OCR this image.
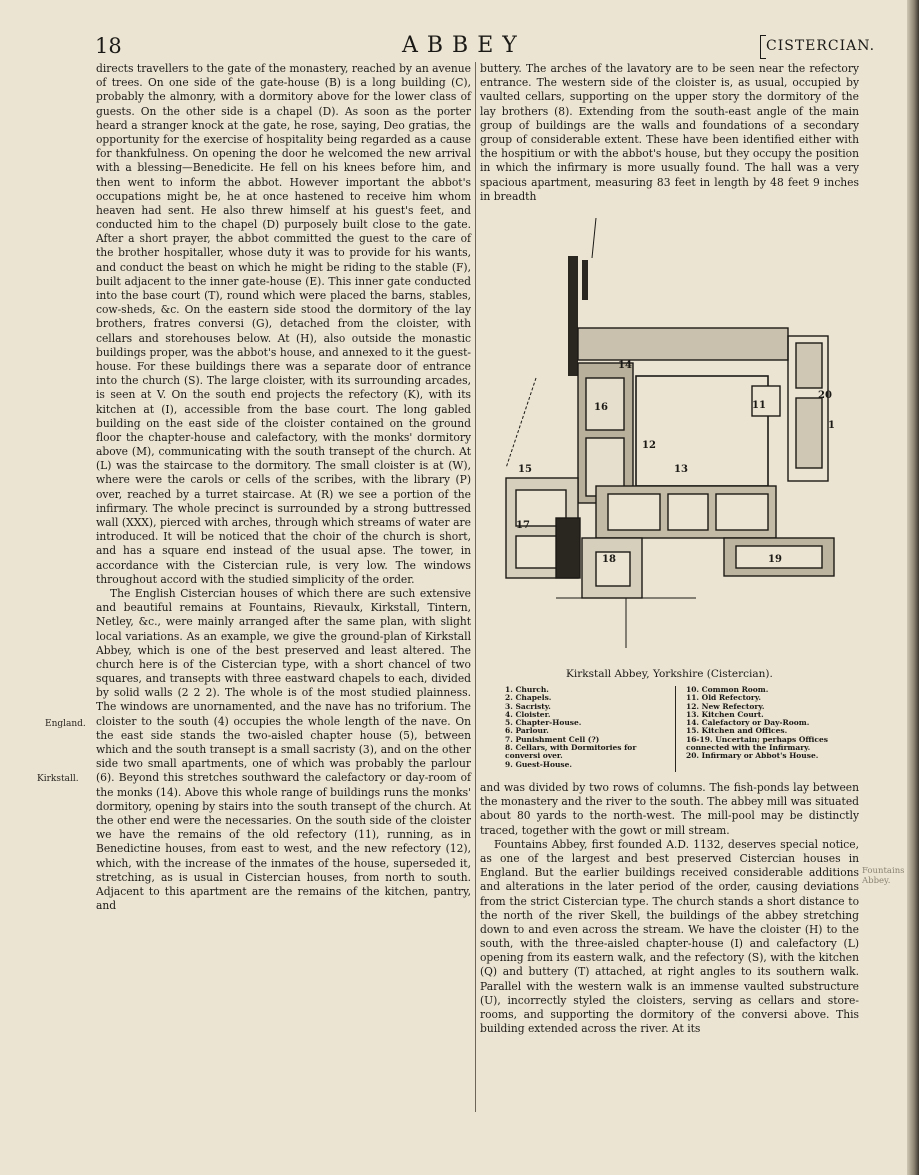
18	ABBEY	CISTERCIAN.

directs travellers to the gate of the monastery, reached by an avenue of trees. On one side of the gate-house (B) is a long building (C), probably the almonry, with a dormitory above for the lower class of guests. On the other side is a chapel (D). As soon as the porter heard a stranger knock at the gate, he rose, saying, Deo gratias, the opportunity for the exercise of hospitality being regarded as a cause for thankfulness. On opening the door he welcomed the new arrival with a blessing—Benedicite. He fell on his knees before him, and then went to inform the abbot. However important the abbot's occupations might be, he at once hastened to receive him whom heaven had sent. He also threw himself at his guest's feet, and conducted him to the chapel (D) purposely built close to the gate. After a short prayer, the abbot committed the guest to the care of the brother hospitaller, whose duty it was to provide for his wants, and conduct the beast on which he might be riding to the stable (F), built adjacent to the inner gate-house (E). This inner gate conducted into the base court (T), round which were placed the barns, stables, cow-sheds, &c. On the eastern side stood the dormitory of the lay brothers, fratres conversi (G), detached from the cloister, with cellars and storehouses below. At (H), also outside the monastic buildings proper, was the abbot's house, and annexed to it the guest-house. For these buildings there was a separate door of entrance into the church (S). The large cloister, with its surrounding arcades, is seen at V. On the south end projects the refectory (K), with its kitchen at (I), accessible from the base court. The long gabled building on the east side of the cloister contained on the ground floor the chapter-house and calefactory, with the monks' dormitory above (M), communicating with the south transept of the church. At (L) was the staircase to the dormitory. The small cloister is at (W), where were the carols or cells of the scribes, with the library (P) over, reached by a turret staircase. At (R) we see a portion of the infirmary. The whole precinct is surrounded by a strong buttressed wall (XXX), pierced with arches, through which streams of water are introduced. It will be noticed that the choir of the church is short, and has a square end instead of the usual apse. The tower, in accordance with the Cistercian rule, is very low. The windows throughout accord with the studied simplicity of the order.

The English Cistercian houses of which there are such extensive and beautiful remains at Fountains, Rievaulx, Kirkstall, Tintern, Netley, &c., were mainly arranged after the same plan, with slight local variations. As an example, we give the ground-plan of Kirkstall Abbey, which is one of the best preserved and least altered. The church here is of the Cistercian type, with a short chancel of two squares, and transepts with three eastward chapels to each, divided by solid walls (2 2 2). The whole is of the most studied plainness. The windows are unornamented, and the nave has no triforium. The cloister to the south (4) occupies the whole length of the nave. On the east side stands the two-aisled chapter house (5), between which and the south transept is a small sacristy (3), and on the other side two small apartments, one of which was probably the parlour (6). Beyond this stretches southward the calefactory or day-room of the monks (14). Above this whole range of buildings runs the monks' dormitory, opening by stairs into the south transept of the church. At the other end were the necessaries. On the south side of the cloister we have the remains of the old refectory (11), running, as in Benedictine houses, from east to west, and the new refectory (12), which, with the increase of the inmates of the house, superseded it, stretching, as is usual in Cistercian houses, from north to south. Adjacent to this apartment are the remains of the kitchen, pantry, and

England.
Kirkstall.
Fountains Abbey.

buttery. The arches of the lavatory are to be seen near the refectory entrance. The western side of the cloister is, as usual, occupied by vaulted cellars, supporting on the upper story the dormitory of the lay brothers (8). Extending from the south-east angle of the main group of buildings are the walls and foundations of a secondary group of considerable extent. These have been identified either with the hospitium or with the abbot's house, but they occupy the position in which the infirmary is more usually found. The hall was a very spacious apartment, measuring 83 feet in length by 48 feet 9 inches in breadth

1
11
12
13
14
15
16
17
18	19
20
Kirkstall Abbey, Yorkshire (Cistercian).
1. Church.
2. Chapels.
3. Sacristy.
4. Cloister.
5. Chapter-House.
6. Parlour.
7. Punishment Cell (?)
8. Cellars, with Dormitories for conversi over.
9. Guest-House.
10. Common Room.
11. Old Refectory.
12. New Refectory.
13. Kitchen Court.
14. Calefactory or Day-Room.
15. Kitchen and Offices.
16-19. Uncertain; perhaps Offices connected with the Infirmary.
20. Infirmary or Abbot's House.

and was divided by two rows of columns. The fish-ponds lay between the monastery and the river to the south. The abbey mill was situated about 80 yards to the north-west. The mill-pool may be distinctly traced, together with the gowt or mill stream.

Fountains Abbey, first founded A.D. 1132, deserves special notice, as one of the largest and best preserved Cistercian houses in England. But the earlier buildings received considerable additions and alterations in the later period of the order, causing deviations from the strict Cistercian type. The church stands a short distance to the north of the river Skell, the buildings of the abbey stretching down to and even across the stream. We have the cloister (H) to the south, with the three-aisled chapter-house (I) and calefactory (L) opening from its eastern walk, and the refectory (S), with the kitchen (Q) and buttery (T) attached, at right angles to its southern walk. Parallel with the western walk is an immense vaulted substructure (U), incorrectly styled the cloisters, serving as cellars and store-rooms, and supporting the dormitory of the conversi above. This building extended across the river. At its
